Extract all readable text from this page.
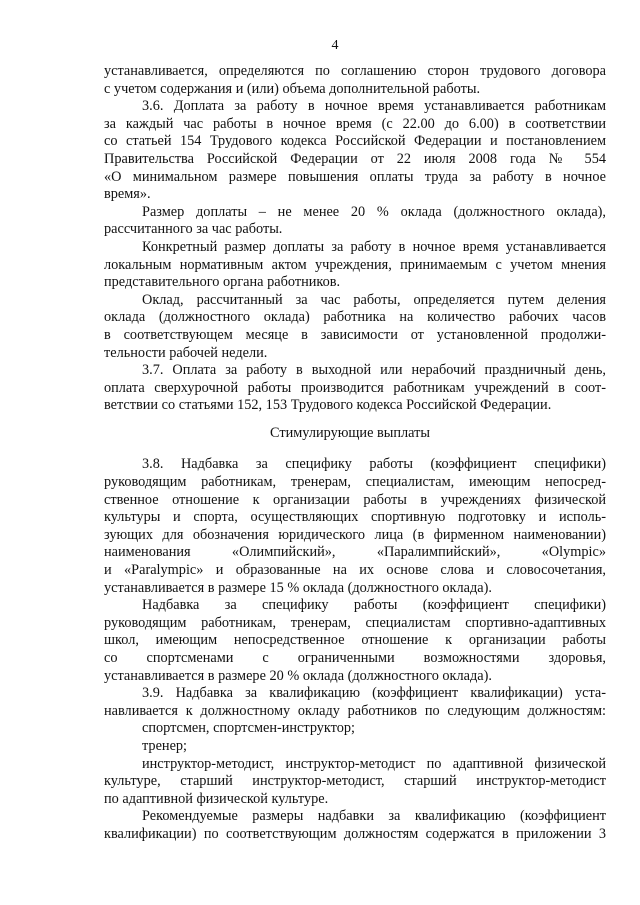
4
устанавливается, определяются по соглашению сторон трудового договора
с учетом содержания и (или) объема дополнительной работы.
3.6. Доплата за работу в ночное время устанавливается работникам
за каждый час работы в ночное время (с 22.00 до 6.00) в соответствии
со статьей 154 Трудового кодекса Российской Федерации и постановлением
Правительства Российской Федерации от 22 июля 2008 года № 554
«О минимальном размере повышения оплаты труда за работу в ночное
время».
Размер доплаты – не менее 20 % оклада (должностного оклада),
рассчитанного за час работы.
Конкретный размер доплаты за работу в ночное время устанавливается
локальным нормативным актом учреждения, принимаемым с учетом мнения
представительного органа работников.
Оклад, рассчитанный за час работы, определяется путем деления
оклада (должностного оклада) работника на количество рабочих часов
в соответствующем месяце в зависимости от установленной продолжи-
тельности рабочей недели.
3.7. Оплата за работу в выходной или нерабочий праздничный день,
оплата сверхурочной работы производится работникам учреждений в соот-
ветствии со статьями 152, 153 Трудового кодекса Российской Федерации.
Стимулирующие выплаты
3.8. Надбавка за специфику работы (коэффициент специфики)
руководящим работникам, тренерам, специалистам, имеющим непосред-
ственное отношение к организации работы в учреждениях физической
культуры и спорта, осуществляющих спортивную подготовку и исполь-
зующих для обозначения юридического лица (в фирменном наименовании)
наименования «Олимпийский», «Паралимпийский», «Olympic»
и «Paralympic» и образованные на их основе слова и словосочетания,
устанавливается в размере 15 % оклада (должностного оклада).
Надбавка за специфику работы (коэффициент специфики)
руководящим работникам, тренерам, специалистам спортивно-адаптивных
школ, имеющим непосредственное отношение к организации работы
со спортсменами с ограниченными возможностями здоровья,
устанавливается в размере 20 % оклада (должностного оклада).
3.9. Надбавка за квалификацию (коэффициент квалификации) уста-
навливается к должностному окладу работников по следующим должностям:
спортсмен, спортсмен-инструктор;
тренер;
инструктор-методист, инструктор-методист по адаптивной физической
культуре, старший инструктор-методист, старший инструктор-методист
по адаптивной физической культуре.
Рекомендуемые размеры надбавки за квалификацию (коэффициент
квалификации) по соответствующим должностям содержатся в приложении 3
